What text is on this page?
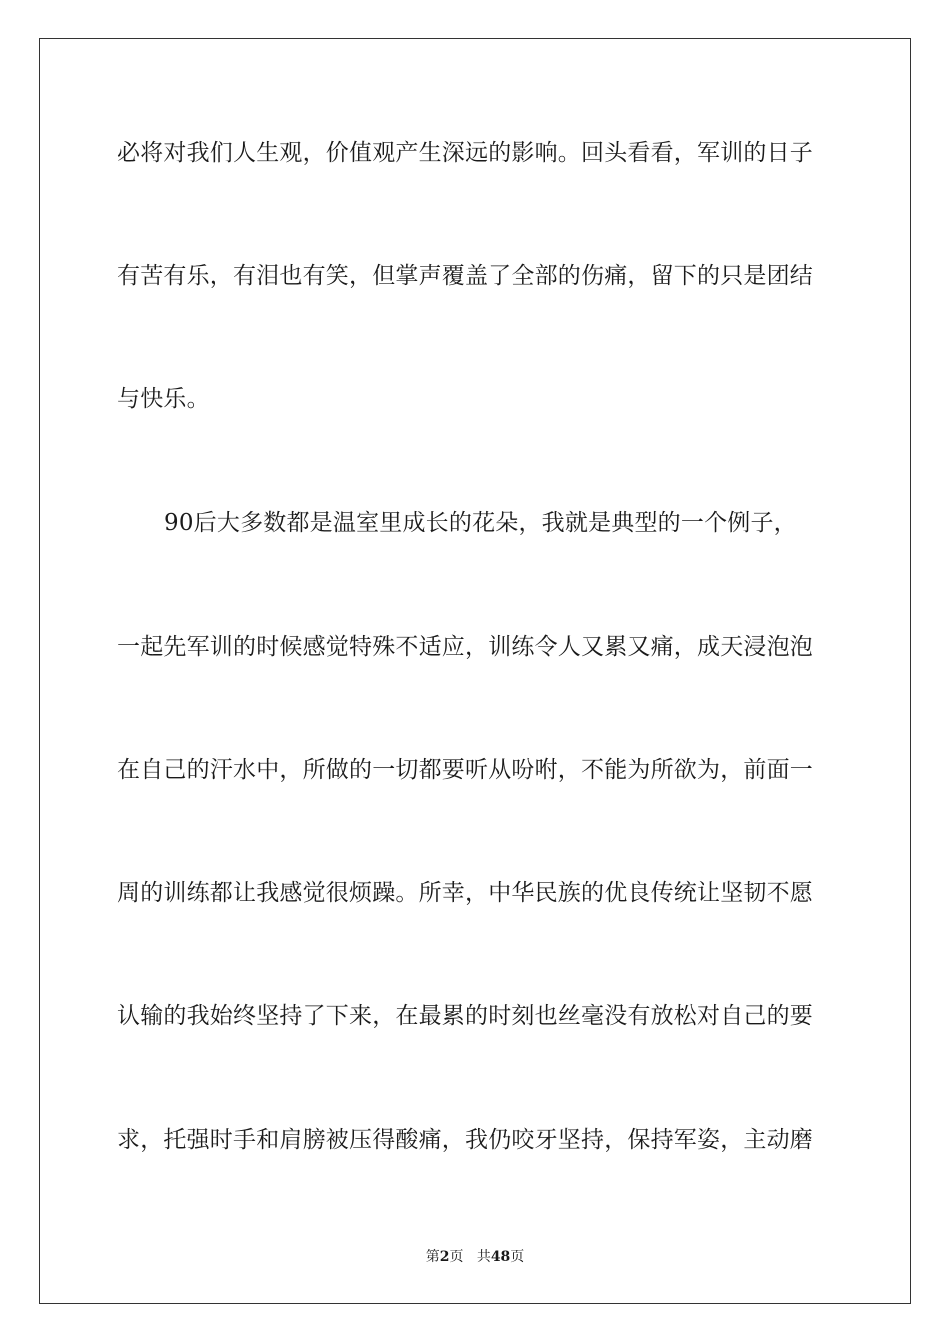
必将对我们人生观，价值观产生深远的影响。回头看看，军训的日子
有苦有乐，有泪也有笑，但掌声覆盖了全部的伤痛，留下的只是团结
与快乐。
90后大多数都是温室里成长的花朵，我就是典型的一个例子，
一起先军训的时候感觉特殊不适应，训练令人又累又痛，成天浸泡泡
在自己的汗水中，所做的一切都要听从吩咐，不能为所欲为，前面一
周的训练都让我感觉很烦躁。所幸，中华民族的优良传统让坚韧不愿
认输的我始终坚持了下来，在最累的时刻也丝毫没有放松对自己的要
求，托强时手和肩膀被压得酸痛，我仍咬牙坚持，保持军姿，主动磨
第2页 共48页
